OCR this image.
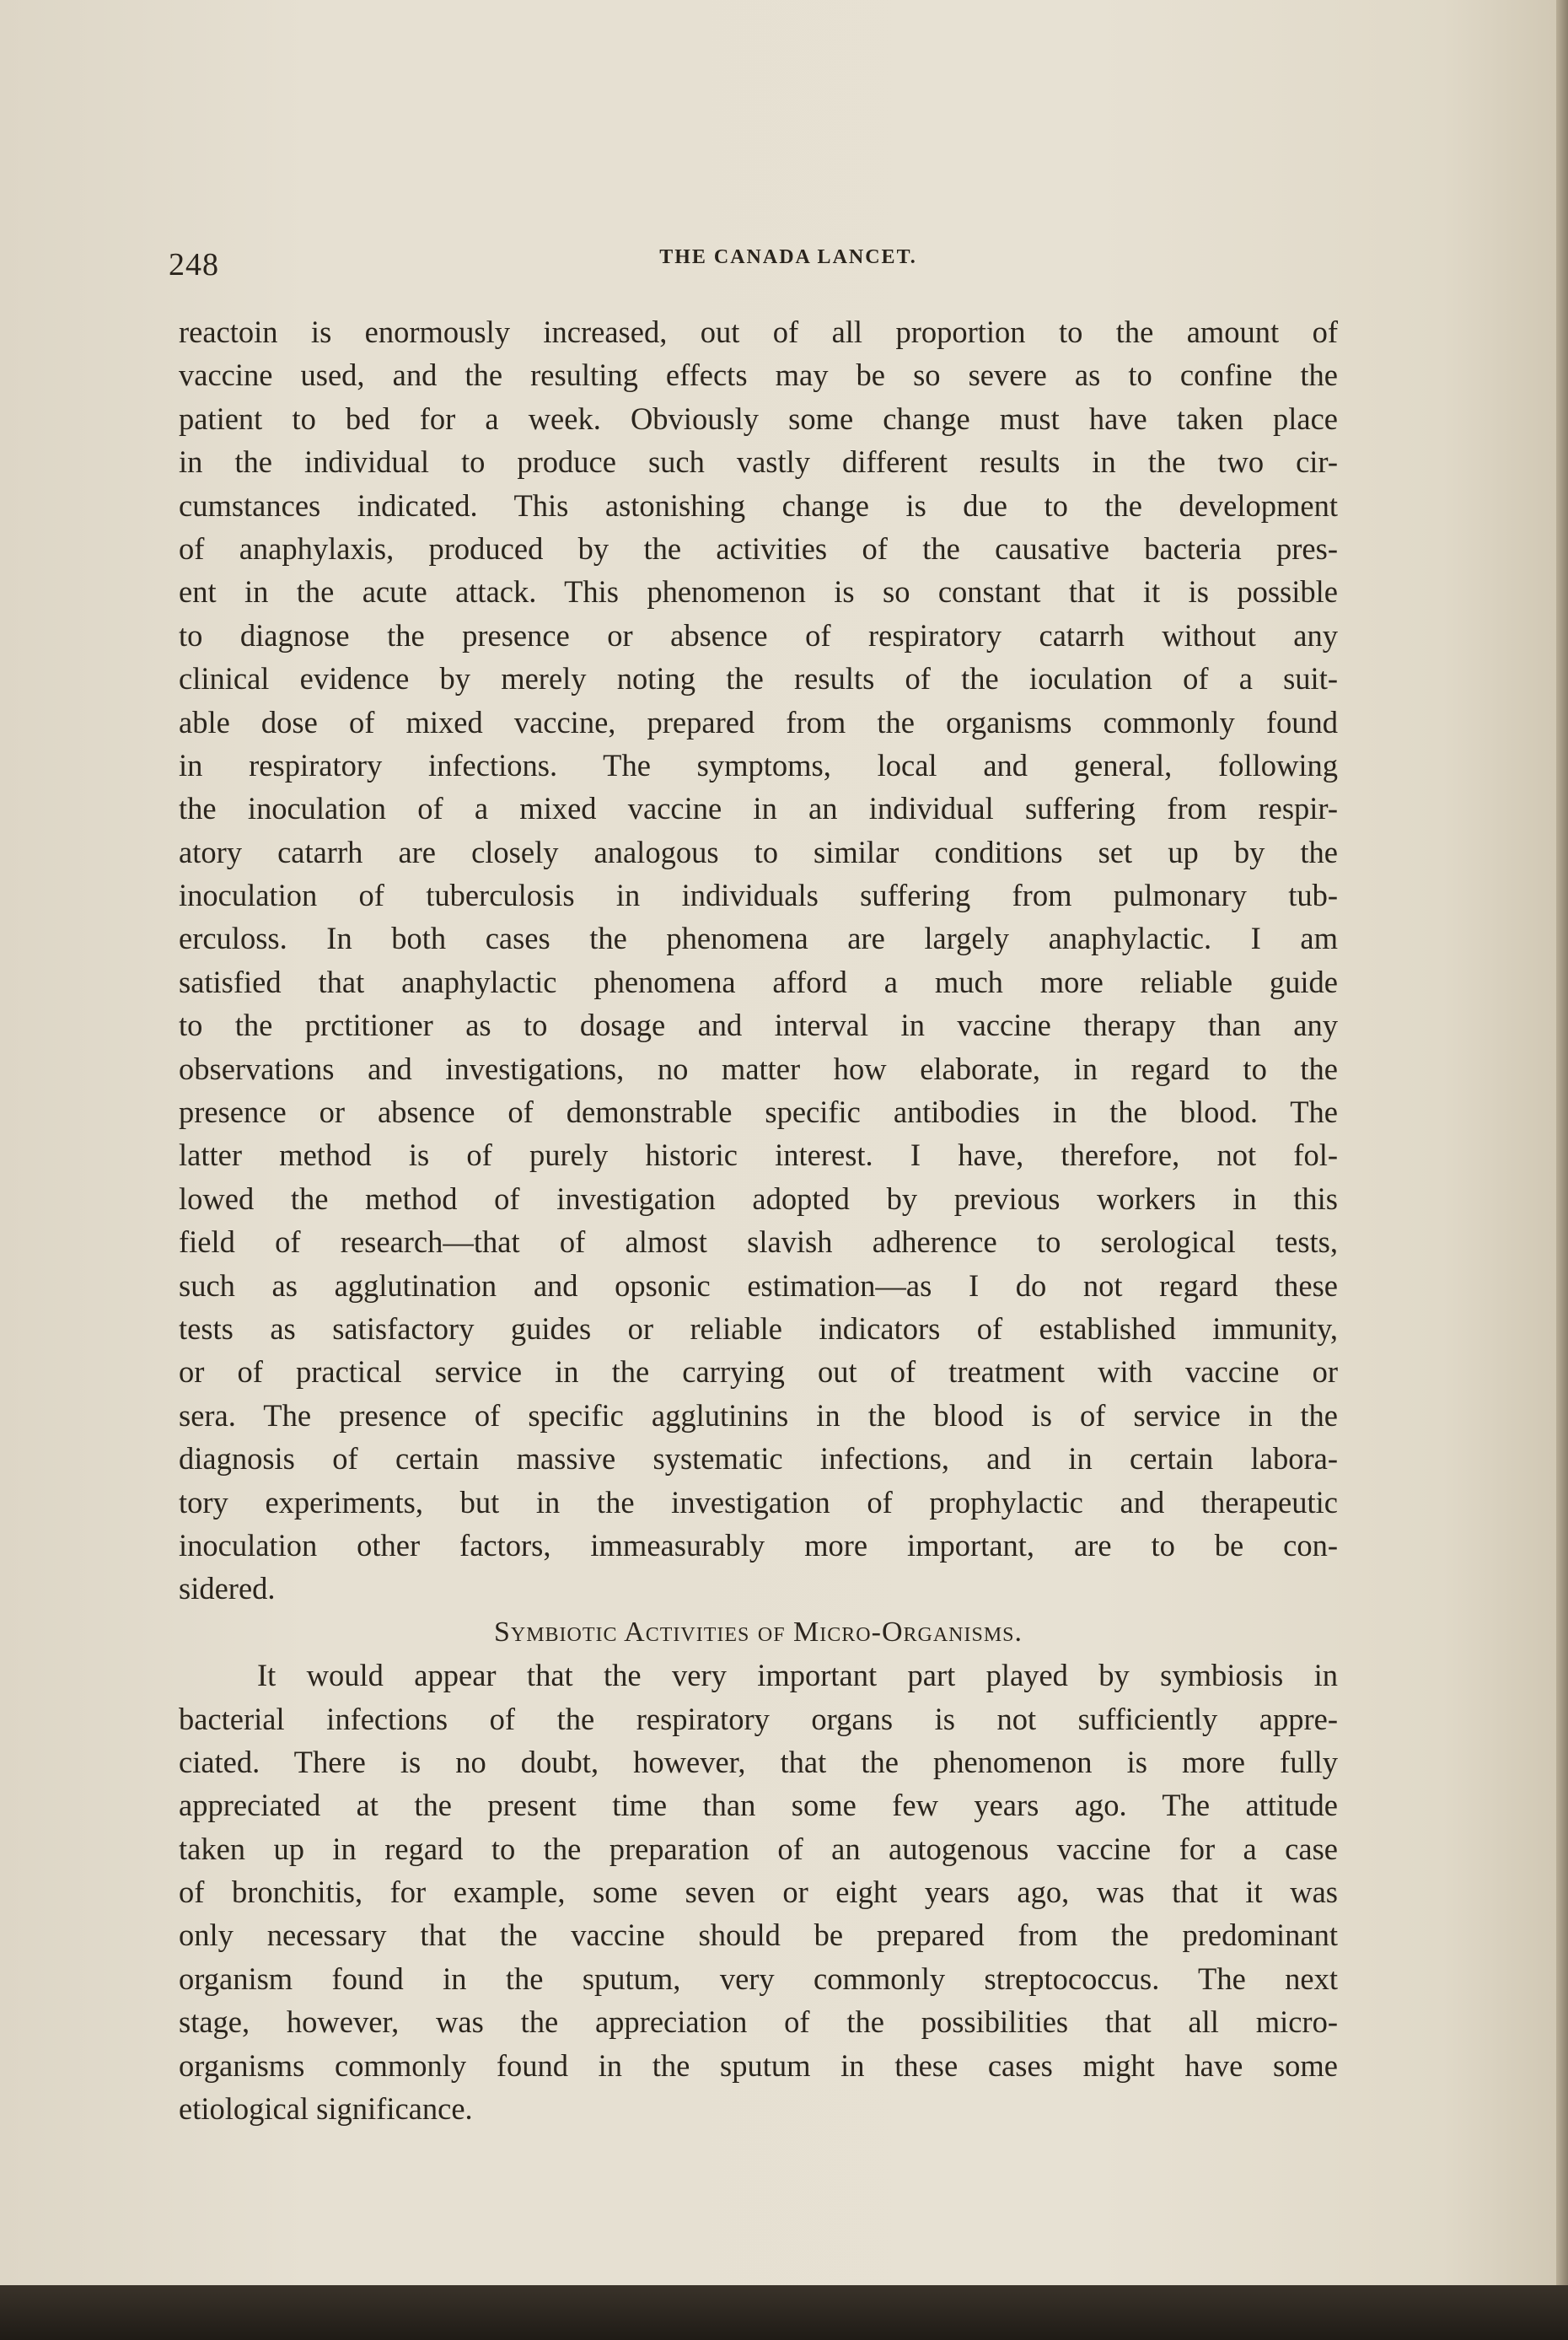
248	THE CANADA LANCET.
reactoin is enormously increased, out of all proportion to the amount of
vaccine used, and the resulting effects may be so severe as to confine the
patient to bed for a week. Obviously some change must have taken place
in the individual to produce such vastly different results in the two cir-
cumstances indicated. This astonishing change is due to the development
of anaphylaxis, produced by the activities of the causative bacteria pres-
ent in the acute attack. This phenomenon is so constant that it is possible
to diagnose the presence or absence of respiratory catarrh without any
clinical evidence by merely noting the results of the ioculation of a suit-
able dose of mixed vaccine, prepared from the organisms commonly found
in respiratory infections. The symptoms, local and general, following
the inoculation of a mixed vaccine in an individual suffering from respir-
atory catarrh are closely analogous to similar conditions set up by the
inoculation of tuberculosis in individuals suffering from pulmonary tub-
erculoss. In both cases the phenomena are largely anaphylactic. I am
satisfied that anaphylactic phenomena afford a much more reliable guide
to the prctitioner as to dosage and interval in vaccine therapy than any
observations and investigations, no matter how elaborate, in regard to the
presence or absence of demonstrable specific antibodies in the blood. The
latter method is of purely historic interest. I have, therefore, not fol-
lowed the method of investigation adopted by previous workers in this
field of research—that of almost slavish adherence to serological tests,
such as agglutination and opsonic estimation—as I do not regard these
tests as satisfactory guides or reliable indicators of established immunity,
or of practical service in the carrying out of treatment with vaccine or
sera. The presence of specific agglutinins in the blood is of service in the
diagnosis of certain massive systematic infections, and in certain labora-
tory experiments, but in the investigation of prophylactic and therapeutic
inoculation other factors, immeasurably more important, are to be con-
sidered.
Symbiotic Activities of Micro-Organisms.
It would appear that the very important part played by symbiosis in
bacterial infections of the respiratory organs is not sufficiently appre-
ciated. There is no doubt, however, that the phenomenon is more fully
appreciated at the present time than some few years ago. The attitude
taken up in regard to the preparation of an autogenous vaccine for a case
of bronchitis, for example, some seven or eight years ago, was that it was
only necessary that the vaccine should be prepared from the predominant
organism found in the sputum, very commonly streptococcus. The next
stage, however, was the appreciation of the possibilities that all micro-
organisms commonly found in the sputum in these cases might have some
etiological significance.
